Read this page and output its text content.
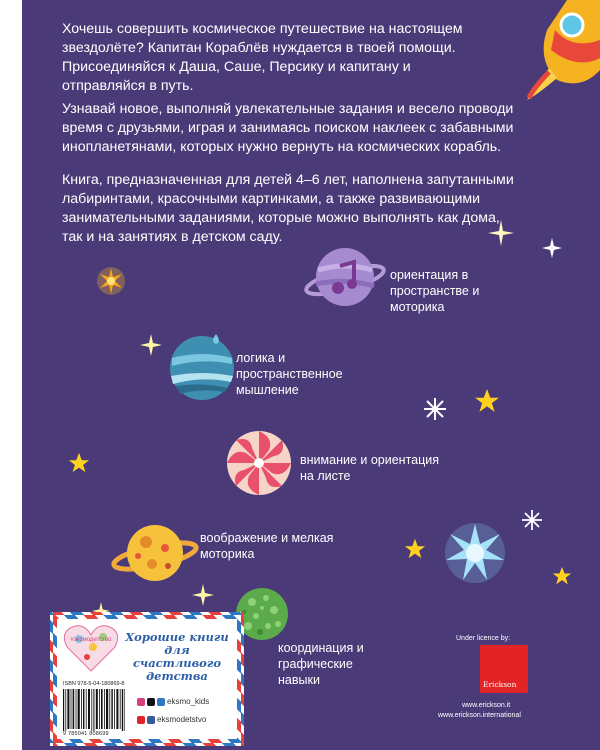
Хочешь совершить космическое путешествие на настоящем звездолёте? Капитан Кораблёв нуждается в твоей помощи. Присоединяйся к Даша, Саше, Персику и капитану и отправляйся в путь.
Узнавай новое, выполняй увлекательные задания и весело проводи время с друзьями, играя и занимаясь поиском наклеек с забавными инопланетянами, которых нужно вернуть на космических корабль.
Книга, предназначенная для детей 4–6 лет, наполнена запутанными лабиринтами, красочными картинками, а также развивающими занимательными заданиями, которые можно выполнять как дома, так и на занятиях в детском саду.
ориентация в пространстве и моторика
логика и пространственное мышление
внимание и ориентация на листе
воображение и мелкая моторика
координация и графические навыки
#эксмодетство	Хорошие книги для счастливого детства
ISBN 978-5-04-180869-8
9 785041 808699
eksmo_kids
eksmodetstvo
Under licence by:
Erickson
www.erickson.it
www.erickson.international
